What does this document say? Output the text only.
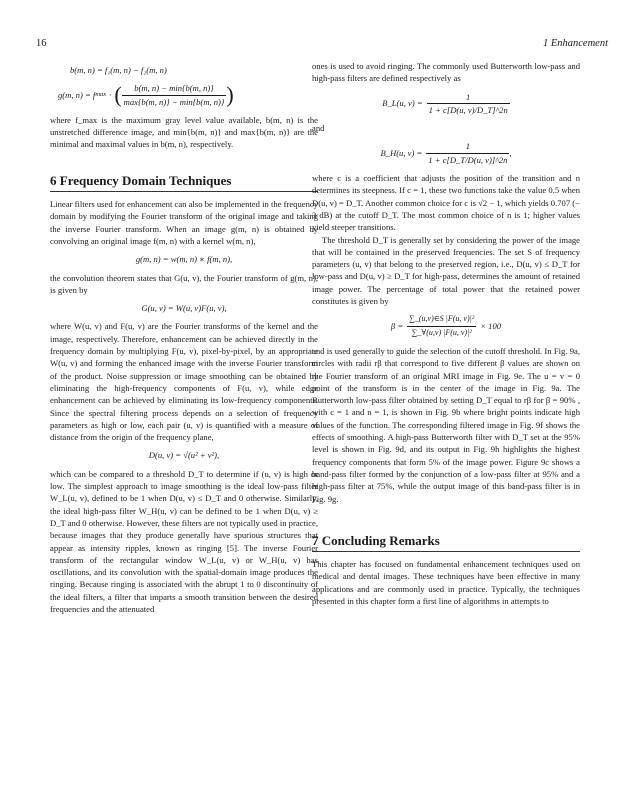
16	1 Enhancement
b(m, n) = f₁(m, n) − f₂(m, n)
g(m, n) = f max · ( $\frac{b(m, n) - \min\{b(m, n)\}}{\max\{b(m, n)\} - \min\{b(m, n)\}}$ )

where f_max is the maximum gray level value available, b(m, n) is the unstretched difference image, and min{b(m, n)} and max{b(m, n)} are the minimal and maximal values in b(m, n), respectively.

6 Frequency Domain Techniques

Linear filters used for enhancement can also be implemented in the frequency domain by modifying the Fourier transform of the original image and taking the inverse Fourier transform. When an image g(m, n) is obtained by convolving an original image f(m, n) with a kernel w(m, n),

g(m, n) = w(m, n) ∗ f(m, n),

the convolution theorem states that G(u, v), the Fourier transform of g(m, n), is given by

G(u, v) = W(u, v)F(u, v),

where W(u, v) and F(u, v) are the Fourier transforms of the kernel and the image, respectively. Therefore, enhancement can be achieved directly in the frequency domain by multiplying F(u, v), pixel-by-pixel, by an appropriate W(u, v) and forming the enhanced image with the inverse Fourier transform of the product. Noise suppression or image smoothing can be obtained by eliminating the high-frequency components of F(u, v), while edge enhancement can be achieved by eliminating its low-frequency components. Since the spectral filtering process depends on a selection of frequency parameters as high or low, each pair (u, v) is quantified with a measure of distance from the origin of the frequency plane,

D(u, v) = √(u² + v²),

which can be compared to a threshold D_T to determine if (u, v) is high or low. The simplest approach to image smoothing is the ideal low-pass filter W_L(u, v), defined to be 1 when D(u, v) ≤ D_T and 0 otherwise. Similarly, the ideal high-pass filter W_H(u, v) can be defined to be 1 when D(u, v) ≥ D_T and 0 otherwise. However, these filters are not typically used in practice, because images that they produce generally have spurious structures that appear as intensity ripples, known as ringing [5]. The inverse Fourier transform of the rectangular window W_L(u, v) or W_H(u, v) has oscillations, and its convolution with the spatial-domain image produces the ringing. Because ringing is associated with the abrupt 1 to 0 discontinuity of the ideal filters, a filter that imparts a smooth transition between the desired frequencies and the attenuated

ones is used to avoid ringing. The commonly used Butterworth low-pass and high-pass filters are defined respectively as

B_L(u, $v) = \frac{1}{1 + c[D(u, v)/D\_T]\^{}2n}$

and

B_H(u, $v) = \frac{1}{1 + c[D\_T/D(u, v)]\^{}2n}$ ,

where c is a coefficient that adjusts the position of the transition and n determines its steepness. If c = 1, these two functions take the value 0.5 when D(u, v) = D_T. Another common choice for c is √2 − 1, which yields 0.707 (− 3 dB) at the cutoff D_T. The most common choice of n is 1; higher values yield steeper transitions.

The threshold D_T is generally set by considering the power of the image that will be contained in the preserved frequencies. The set S of frequency parameters (u, v) that belong to the preserved region, i.e., D(u, v) ≤ D_T for low-pass and D(u, v) ≥ D_T for high-pass, determines the amount of retained image power. The percentage of total power that the retained power constitutes is given by

$\beta = \frac{\text{∑\_(u,v)∈S |F(u, v)|²}}{\text{∑\_∀(u,v) |F(u, v)|²}} \times 100$

and is used generally to guide the selection of the cutoff threshold. In Fig. 9a, circles with radii rβ that correspond to five different β values are shown on the Fourier transform of an original MRI image in Fig. 9e. The u = v = 0 point of the transform is in the center of the image in Fig. 9a. The Butterworth low-pass filter obtained by setting D_T equal to rβ for β = 90% , with c = 1 and n = 1, is shown in Fig. 9b where bright points indicate high values of the function. The corresponding filtered image in Fig. 9f shows the effects of smoothing. A high-pass Butterworth filter with D_T set at the 95% level is shown in Fig. 9d, and its output in Fig. 9h highlights the highest frequency components that form 5% of the image power. Figure 9c shows a band-pass filter formed by the conjunction of a low-pass filter at 95% and a high-pass filter at 75%, while the output image of this band-pass filter is in Fig. 9g.

7 Concluding Remarks

This chapter has focused on fundamental enhancement techniques used on medical and dental images. These techniques have been effective in many applications and are commonly used in practice. Typically, the techniques presented in this chapter form a first line of algorithms in attempts to
